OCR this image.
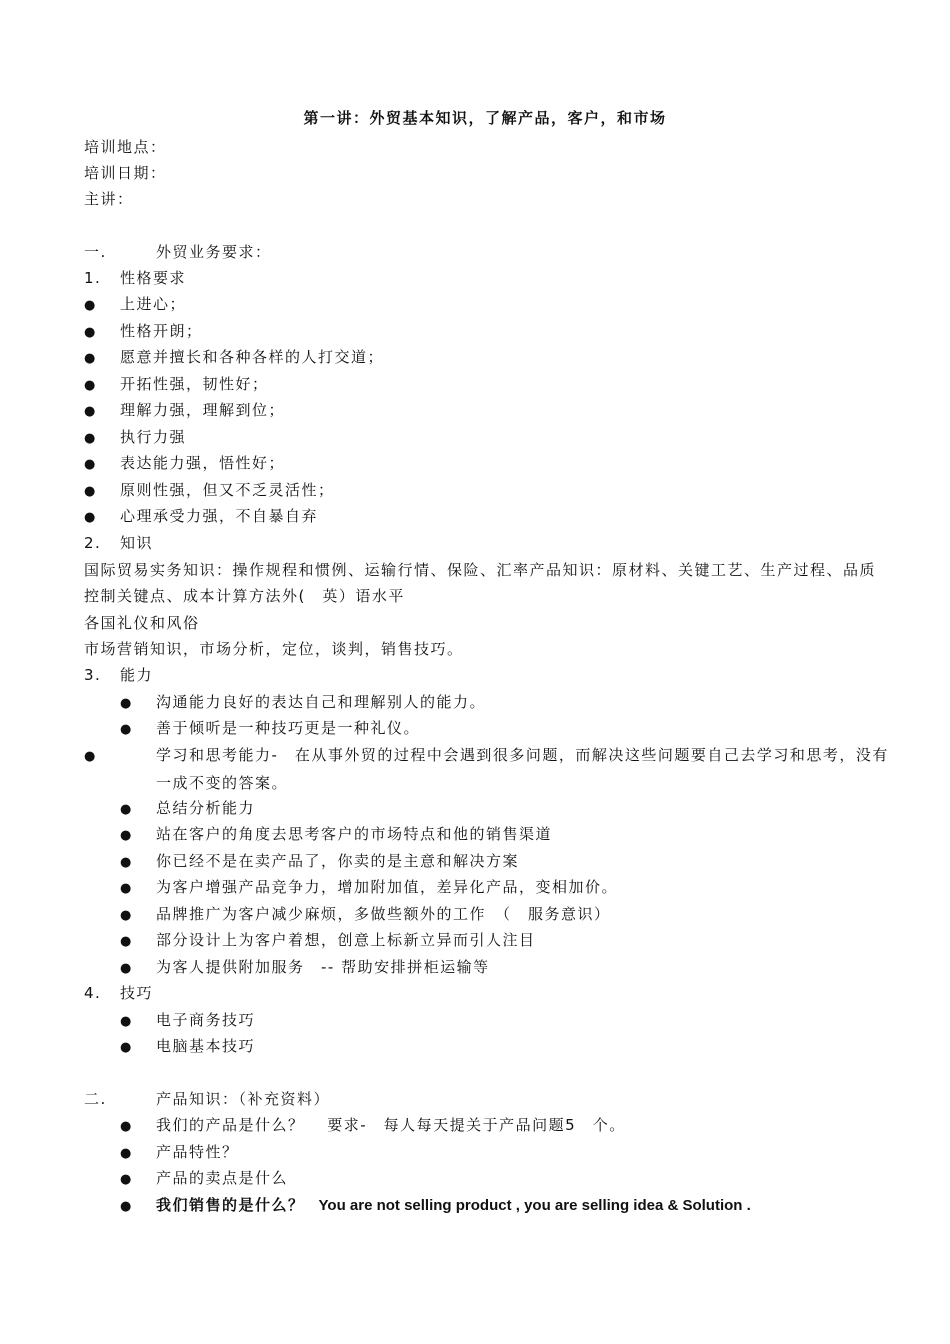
第一讲：外贸基本知识，了解产品，客户，和市场
培训地点：
培训日期：
主讲：
一.	外贸业务要求：
1. 性格要求
● 上进心；
● 性格开朗；
● 愿意并擅长和各种各样的人打交道；
● 开拓性强，韧性好；
● 理解力强，理解到位；
● 执行力强
● 表达能力强，悟性好；
● 原则性强，但又不乏灵活性；
● 心理承受力强，不自暴自弃
2. 知识
国际贸易实务知识：操作规程和惯例、运输行情、保险、汇率产品知识：原材料、关键工艺、生产过程、品质控制关键点、成本计算方法外(　英）语水平
各国礼仪和风俗
市场营销知识，市场分析，定位，谈判，销售技巧。
3. 能力
● 沟通能力良好的表达自己和理解别人的能力。
● 善于倾听是一种技巧更是一种礼仪。
●	学习和思考能力-　在从事外贸的过程中会遇到很多问题，而解决这些问题要自己去学习和思考，没有一成不变的答案。
● 总结分析能力
● 站在客户的角度去思考客户的市场特点和他的销售渠道
● 你已经不是在卖产品了，你卖的是主意和解决方案
● 为客户增强产品竞争力，增加附加值，差异化产品，变相加价。
● 品牌推广为客户减少麻烦，多做些额外的工作　（　服务意识）
● 部分设计上为客户着想，创意上标新立异而引人注目
● 为客人提供附加服务　-- 帮助安排拼柜运输等
4. 技巧
● 电子商务技巧
● 电脑基本技巧
二.	产品知识：（补充资料）
● 我们的产品是什么？　 要求-　每人每天提关于产品问题5　个。
● 产品特性？
● 产品的卖点是什么
● 我们销售的是什么？ You are not selling product , you are selling idea & Solution .
